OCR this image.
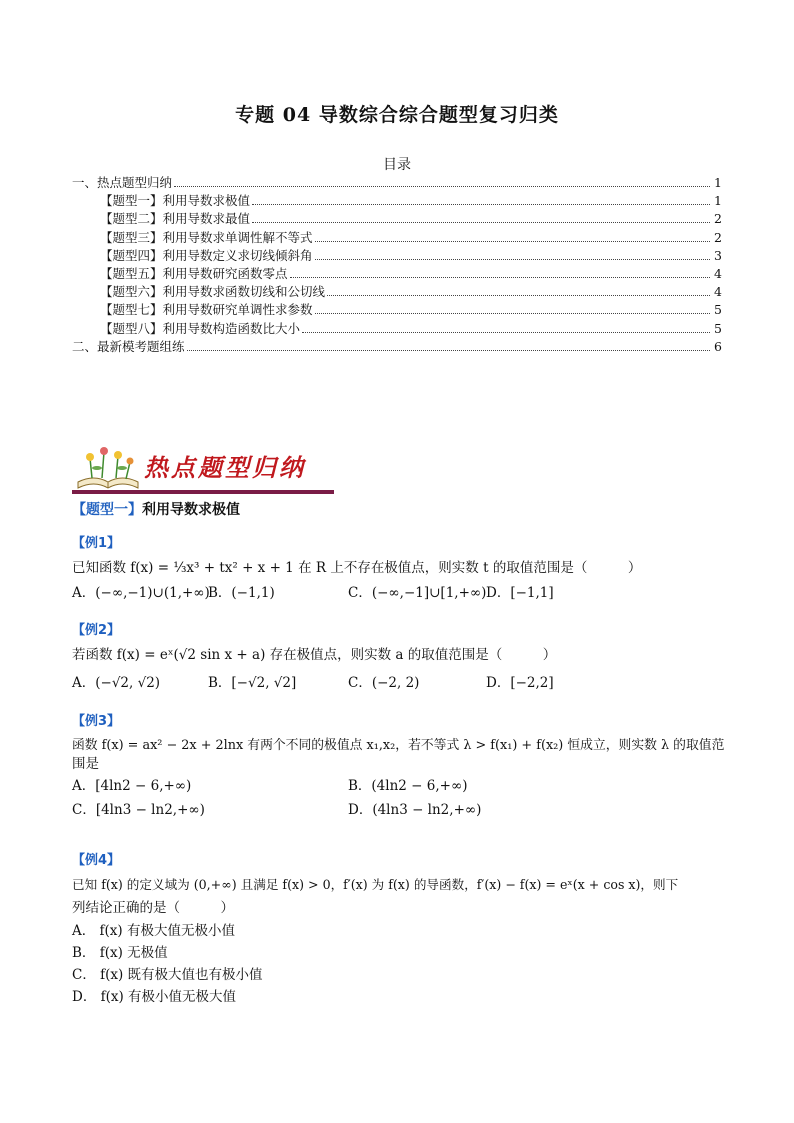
专题 04 导数综合综合题型复习归类
目录
一、热点题型归纳	1
【题型一】利用导数求极值	1
【题型二】利用导数求最值	2
【题型三】利用导数求单调性解不等式	2
【题型四】利用导数定义求切线倾斜角	3
【题型五】利用导数研究函数零点	4
【题型六】利用导数求函数切线和公切线	4
【题型七】利用导数研究单调性求参数	5
【题型八】利用导数构造函数比大小	5
二、最新模考题组练	6
热点题型归纳
【题型一】利用导数求极值
【例1】
已知函数 f(x) = ⅓x³ + tx² + x + 1 在 R 上不存在极值点，则实数 t 的取值范围是（　　　）
A．(−∞,−1)∪(1,+∞)
B．(−1,1)	C．(−∞,−1]∪[1,+∞) D．[−1,1]
【例2】
若函数 f(x) = eˣ(√2 sin x + a) 存在极值点，则实数 a 的取值范围是（　　　）
A．(−√2, √2)	B．[−√2, √2]	C．(−2, 2)	D．[−2,2]
【例3】
函数 f(x) = ax² − 2x + 2lnx 有两个不同的极值点 x₁,x₂，若不等式 λ > f(x₁) + f(x₂) 恒成立，则实数 λ 的取值范
围是
A．[4ln2 − 6,+∞)	B．(4ln2 − 6,+∞)
C．[4ln3 − ln2,+∞)	D．(4ln3 − ln2,+∞)
【例4】
已知 f(x) 的定义域为 (0,+∞) 且满足 f(x) > 0，f′(x) 为 f(x) 的导函数，f′(x) − f(x) = eˣ(x + cos x)，则下
列结论正确的是（　　　）
A． f(x) 有极大值无极小值
B． f(x) 无极值
C． f(x) 既有极大值也有极小值
D． f(x) 有极小值无极大值
